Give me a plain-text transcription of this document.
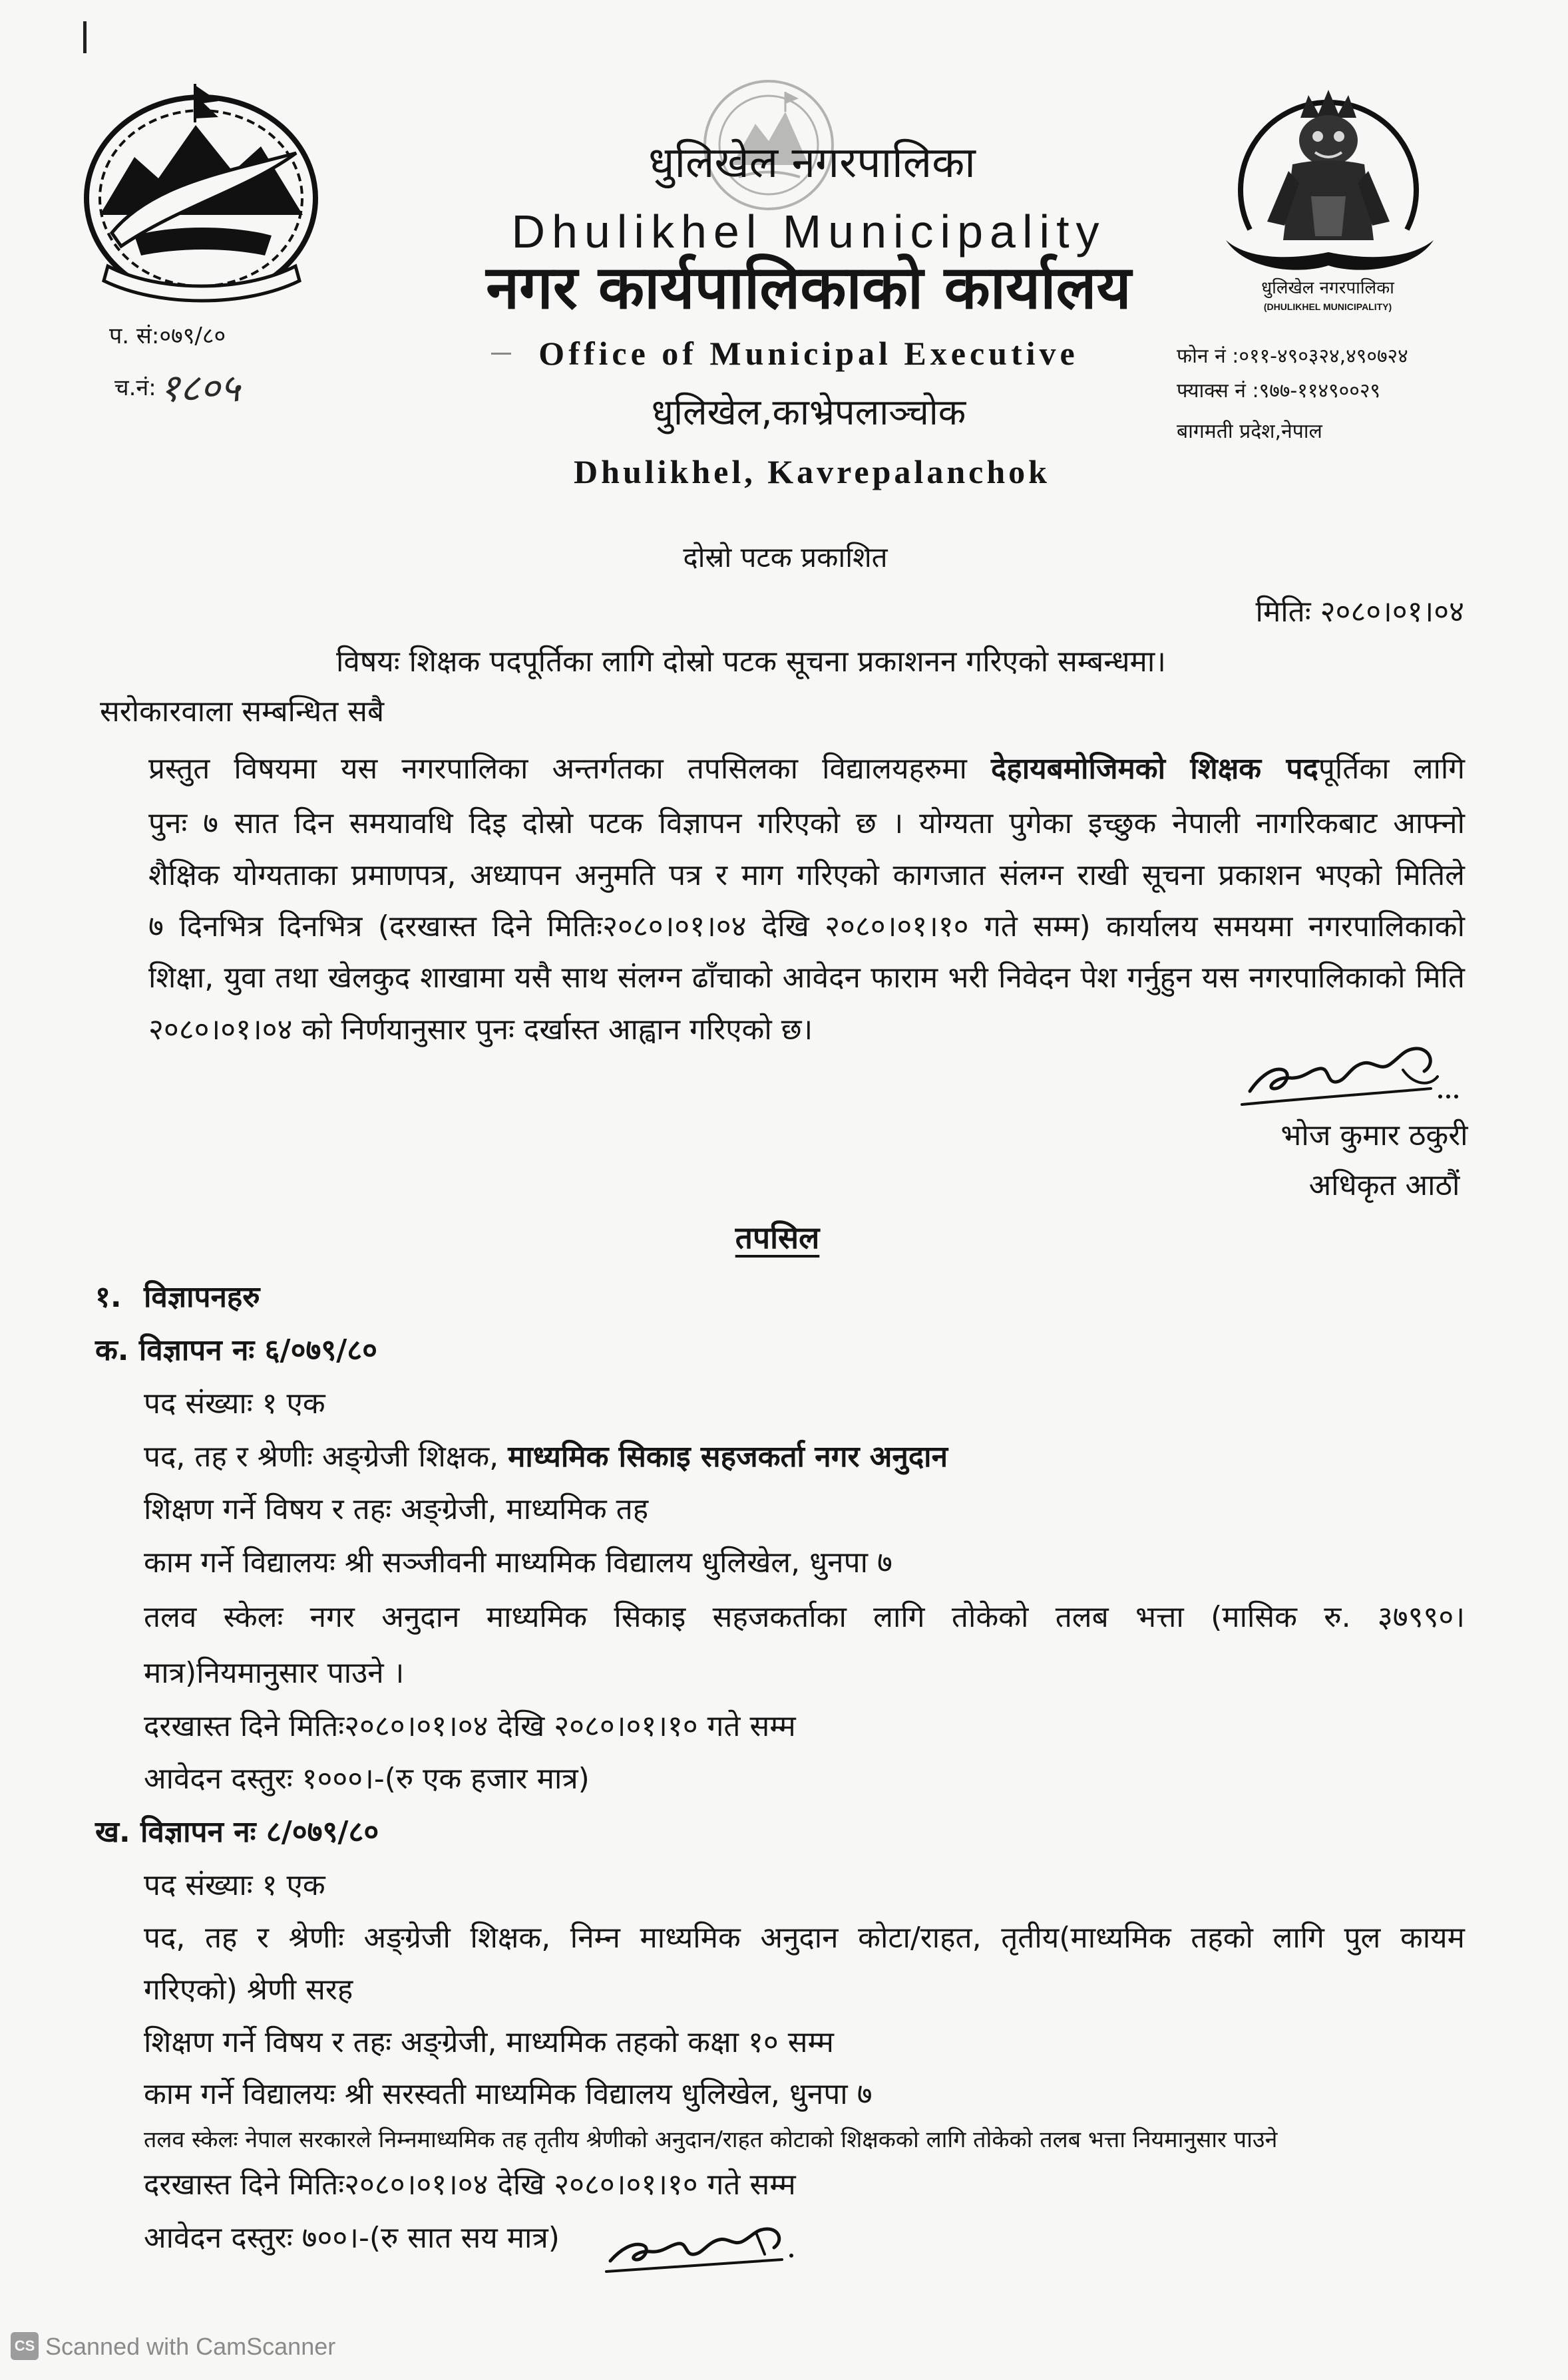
धुलिखेल नगरपालिका
Dhulikhel Municipality
नगर कार्यपालिकाको कार्यालय
Office of Municipal Executive
धुलिखेल,काभ्रेपलाञ्चोक
Dhulikhel, Kavrepalanchok
धुलिखेल नगरपालिका
(DHULIKHEL MUNICIPALITY)
प. सं:०७९/८०
च.नं: १८०५
फोन नं :०११-४९०३२४,४९०७२४
फ्याक्स नं :९७७-११४९००२९
बागमती प्रदेश,नेपाल
दोस्रो पटक प्रकाशित
मितिः २०८०।०१।०४
विषयः शिक्षक पदपूर्तिका लागि दोस्रो पटक सूचना प्रकाशनन गरिएको सम्बन्धमा।
सरोकारवाला सम्बन्धित सबै
प्रस्तुत विषयमा यस नगरपालिका अन्तर्गतका तपसिलका विद्यालयहरुमा देहायबमोजिमको शिक्षक पदपूर्तिका लागि
पुनः ७ सात दिन समयावधि दिइ दोस्रो पटक विज्ञापन गरिएको छ । योग्यता पुगेका इच्छुक नेपाली नागरिकबाट आफ्नो
शैक्षिक योग्यताका प्रमाणपत्र, अध्यापन अनुमति पत्र र माग गरिएको कागजात संलग्न राखी सूचना प्रकाशन भएको मितिले
७ दिनभित्र दिनभित्र (दरखास्त दिने मितिः२०८०।०१।०४ देखि २०८०।०१।१० गते सम्म) कार्यालय समयमा नगरपालिकाको
शिक्षा, युवा तथा खेलकुद शाखामा यसै साथ संलग्न ढाँचाको आवेदन फाराम भरी निवेदन पेश गर्नुहुन यस नगरपालिकाको मिति
२०८०।०१।०४ को निर्णयानुसार पुनः दर्खास्त आह्वान गरिएको छ।
भोज कुमार ठकुरी
अधिकृत आठौं
तपसिल
१. विज्ञापनहरु
क. विज्ञापन नः ६/०७९/८०
पद संख्याः १ एक
पद, तह र श्रेणीः अङ्ग्रेजी शिक्षक, माध्यमिक सिकाइ सहजकर्ता नगर अनुदान
शिक्षण गर्ने विषय र तहः अङ्ग्रेजी, माध्यमिक तह
काम गर्ने विद्यालयः श्री सञ्जीवनी माध्यमिक विद्यालय धुलिखेल, धुनपा ७
तलव स्केलः नगर अनुदान माध्यमिक सिकाइ सहजकर्ताका लागि तोकेको तलब भत्ता (मासिक रु. ३७९९०।
मात्र)नियमानुसार पाउने ।
दरखास्त दिने मितिः२०८०।०१।०४ देखि २०८०।०१।१० गते सम्म
आवेदन दस्तुरः १०००।-(रु एक हजार मात्र)
ख. विज्ञापन नः ८/०७९/८०
पद संख्याः १ एक
पद, तह र श्रेणीः अङ्ग्रेजी शिक्षक, निम्न माध्यमिक अनुदान कोटा/राहत, तृतीय(माध्यमिक तहको लागि पुल कायम
गरिएको) श्रेणी सरह
शिक्षण गर्ने विषय र तहः अङ्ग्रेजी, माध्यमिक तहको कक्षा १० सम्म
काम गर्ने विद्यालयः श्री सरस्वती माध्यमिक विद्यालय धुलिखेल, धुनपा ७
तलव स्केलः नेपाल सरकारले निम्नमाध्यमिक तह तृतीय श्रेणीको अनुदान/राहत कोटाको शिक्षकको लागि तोकेको तलब भत्ता नियमानुसार पाउने
दरखास्त दिने मितिः२०८०।०१।०४ देखि २०८०।०१।१० गते सम्म
आवेदन दस्तुरः ७००।-(रु सात सय मात्र)
CS Scanned with CamScanner
